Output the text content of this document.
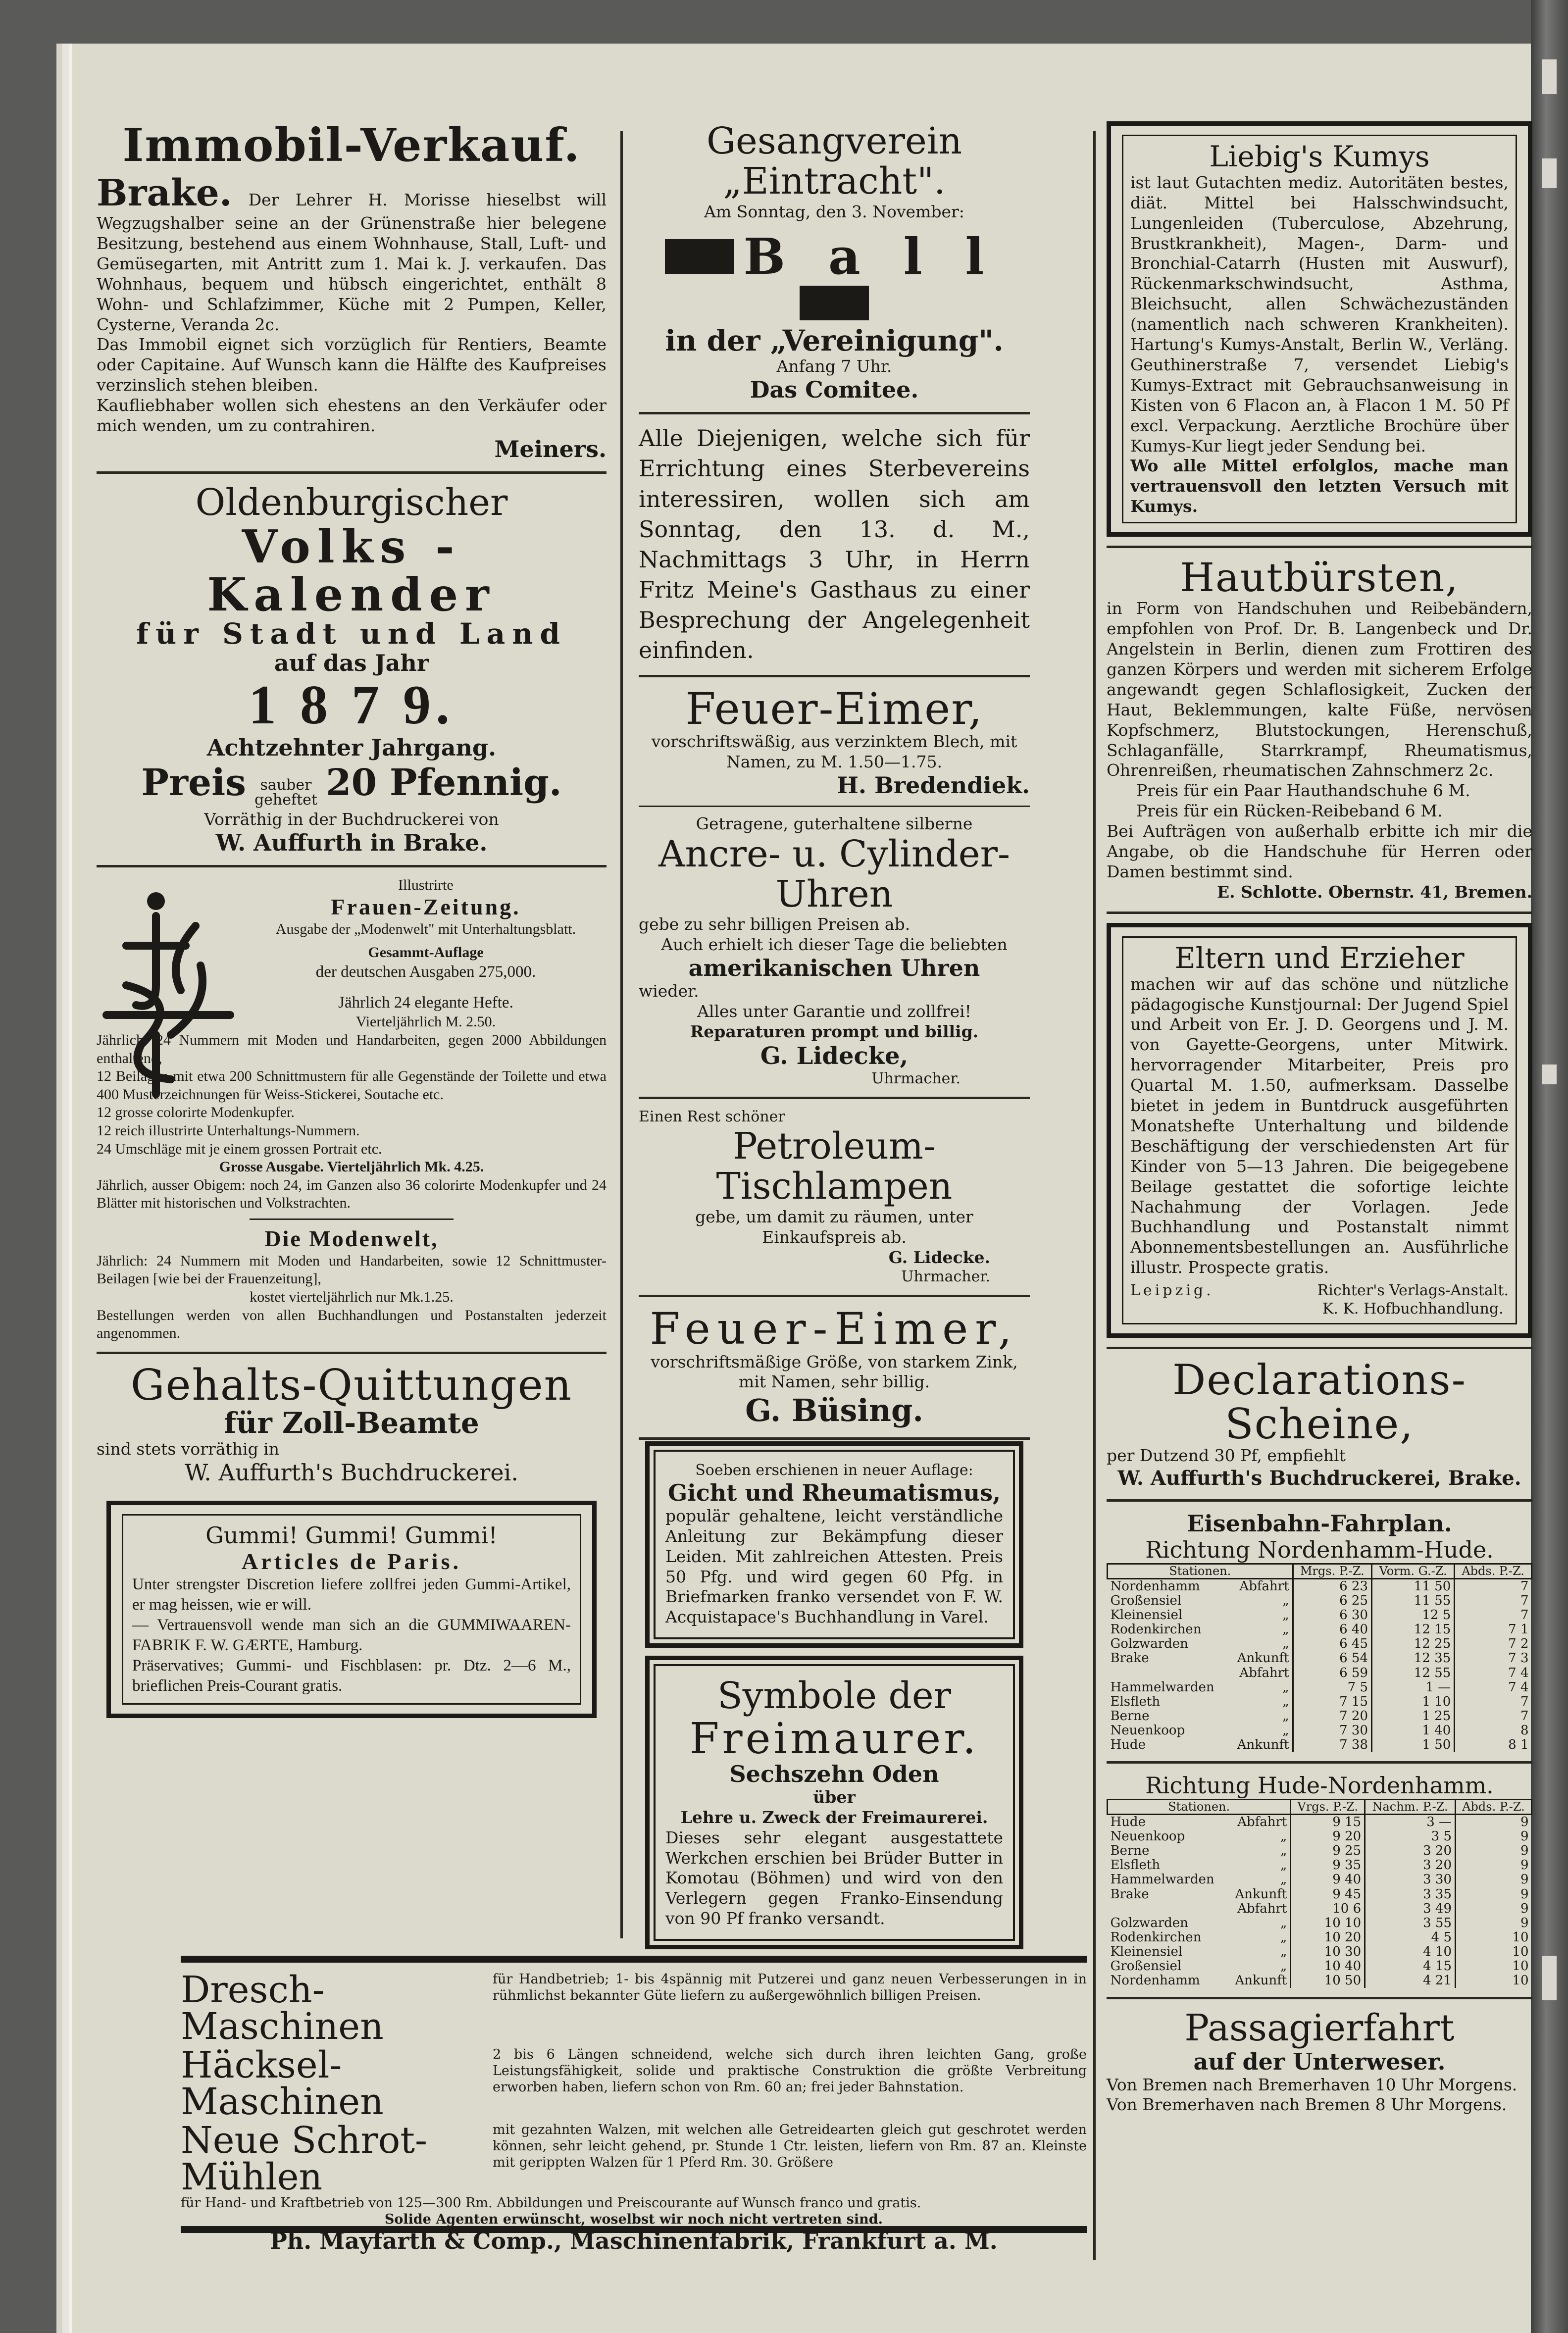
Immobil-Verkauf.

Brake. Der Lehrer H. Morisse hieselbst will Wegzugshalber seine an der Grünenstraße hier belegene Besitzung, bestehend aus einem Wohnhause, Stall, Luft- und Gemüsegarten, mit Antritt zum 1. Mai k. J. verkaufen. Das Wohnhaus, bequem und hübsch eingerichtet, enthält 8 Wohn- und Schlafzimmer, Küche mit 2 Pumpen, Keller, Cysterne, Veranda 2c.

Das Immobil eignet sich vorzüglich für Rentiers, Beamte oder Capitaine. Auf Wunsch kann die Hälfte des Kaufpreises verzinslich stehen bleiben.

Kaufliebhaber wollen sich ehestens an den Verkäufer oder mich wenden, um zu contrahiren.

Meiners.

Oldenburgischer

Volks - Kalender

für Stadt und Land

auf das Jahr

1 8 7 9.

Achtzehnter Jahrgang.

Preis sauber
geheftet 20 Pfennig.

Vorräthig in der Buchdruckerei von

W. Auffurth in Brake.

Illustrirte

Frauen-Zeitung.

Ausgabe der „Modenwelt" mit Unterhaltungsblatt.

Gesammt-Auflage

der deutschen Ausgaben 275,000.

Jährlich 24 elegante Hefte.

Vierteljährlich M. 2.50.

Jährlich: 24 Nummern mit Moden und Handarbeiten, gegen 2000 Abbildungen enthaltend,

12 Beilagen mit etwa 200 Schnittmustern für alle Gegenstände der Toilette und etwa 400 Musterzeichnungen für Weiss-Stickerei, Soutache etc.

12 grosse colorirte Modenkupfer.

12 reich illustrirte Unterhaltungs-Nummern.

24 Umschläge mit je einem grossen Portrait etc.

Grosse Ausgabe. Vierteljährlich Mk. 4.25.

Jährlich, ausser Obigem: noch 24, im Ganzen also 36 colorirte Modenkupfer und 24 Blätter mit historischen und Volkstrachten.

Die Modenwelt,

Jährlich: 24 Nummern mit Moden und Handarbeiten, sowie 12 Schnittmuster-Beilagen [wie bei der Frauenzeitung],

kostet vierteljährlich nur Mk.1.25.

Bestellungen werden von allen Buchhandlungen und Postanstalten jederzeit angenommen.

Gehalts-Quittungen

für Zoll-Beamte

sind stets vorräthig in

W. Auffurth's Buchdruckerei.

Gummi! Gummi! Gummi!

Articles de Paris.

Unter strengster Discretion liefere zollfrei jeden Gummi-Artikel, er mag heissen, wie er will.

— Vertrauensvoll wende man sich an die GUMMIWAAREN-FABRIK F. W. GÆRTE, Hamburg.

Präservatives; Gummi- und Fischblasen: pr. Dtz. 2—6 M., brieflichen Preis-Courant gratis.

Gesangverein „Eintracht".

Am Sonntag, den 3. November:

B a l l

in der „Vereinigung".

Anfang 7 Uhr.

Das Comitee.

Alle Diejenigen, welche sich für Errichtung eines Sterbevereins interessiren, wollen sich am Sonntag, den 13. d. M., Nachmittags 3 Uhr, in Herrn Fritz Meine's Gasthaus zu einer Besprechung der Angelegenheit einfinden.

Feuer-Eimer,

vorschriftswäßig, aus verzinktem Blech, mit Namen, zu M. 1.50—1.75.

H. Bredendiek.

Getragene, guterhaltene silberne

Ancre- u. Cylinder-Uhren

gebe zu sehr billigen Preisen ab.

Auch erhielt ich dieser Tage die beliebten

amerikanischen Uhren

wieder.

Alles unter Garantie und zollfrei!

Reparaturen prompt und billig.

G. Lidecke,

Uhrmacher.

Einen Rest schöner

Petroleum-Tischlampen

gebe, um damit zu räumen, unter Einkaufspreis ab.

G. Lidecke.

Uhrmacher.

Feuer-Eimer,

vorschriftsmäßige Größe, von starkem Zink, mit Namen, sehr billig.

G. Büsing.

Soeben erschienen in neuer Auflage:

Gicht und Rheumatismus,

populär gehaltene, leicht verständliche Anleitung zur Bekämpfung dieser Leiden. Mit zahlreichen Attesten. Preis 50 Pfg. und wird gegen 60 Pfg. in Briefmarken franko versendet von F. W. Acquistapace's Buchhandlung in Varel.

Symbole der

Freimaurer.

Sechszehn Oden

über

Lehre u. Zweck der Freimaurerei.

Dieses sehr elegant ausgestattete Werkchen erschien bei Brüder Butter in Komotau (Böhmen) und wird von den Verlegern gegen Franko-Einsendung von 90 Pf franko versandt.

Liebig's Kumys

ist laut Gutachten mediz. Autoritäten bestes, diät. Mittel bei Halsschwindsucht, Lungenleiden (Tuberculose, Abzehrung, Brustkrankheit), Magen-, Darm- und Bronchial-Catarrh (Husten mit Auswurf), Rückenmarkschwindsucht, Asthma, Bleichsucht, allen Schwächezuständen (namentlich nach schweren Krankheiten). Hartung's Kumys-Anstalt, Berlin W., Verläng. Geuthinerstraße 7, versendet Liebig's Kumys-Extract mit Gebrauchsanweisung in Kisten von 6 Flacon an, à Flacon 1 M. 50 Pf excl. Verpackung. Aerztliche Brochüre über Kumys-Kur liegt jeder Sendung bei.

Wo alle Mittel erfolglos, mache man vertrauensvoll den letzten Versuch mit Kumys.

Hautbürsten,

in Form von Handschuhen und Reibebändern, empfohlen von Prof. Dr. B. Langenbeck und Dr. Angelstein in Berlin, dienen zum Frottiren des ganzen Körpers und werden mit sicherem Erfolge angewandt gegen Schlaflosigkeit, Zucken der Haut, Beklemmungen, kalte Füße, nervösen Kopfschmerz, Blutstockungen, Herenschuß, Schlaganfälle, Starrkrampf, Rheumatismus, Ohrenreißen, rheumatischen Zahnschmerz 2c.

Preis für ein Paar Hauthandschuhe 6 M.

Preis für ein Rücken-Reibeband 6 M.

Bei Aufträgen von außerhalb erbitte ich mir die Angabe, ob die Handschuhe für Herren oder Damen bestimmt sind.

E. Schlotte. Obernstr. 41, Bremen.

Eltern und Erzieher

machen wir auf das schöne und nützliche pädagogische Kunstjournal: Der Jugend Spiel und Arbeit von Er. J. D. Georgens und J. M. von Gayette-Georgens, unter Mitwirk. hervorragender Mitarbeiter, Preis pro Quartal M. 1.50, aufmerksam. Dasselbe bietet in jedem in Buntdruck ausgeführten Monatshefte Unterhaltung und bildende Beschäftigung der verschiedensten Art für Kinder von 5—13 Jahren. Die beigegebene Beilage gestattet die sofortige leichte Nachahmung der Vorlagen. Jede Buchhandlung und Postanstalt nimmt Abonnementsbestellungen an. Ausführliche illustr. Prospecte gratis.

Leipzig.	Richter's Verlags-Anstalt.

K. K. Hofbuchhandlung.

Declarations-Scheine,

per Dutzend 30 Pf, empfiehlt

W. Auffurth's Buchdruckerei, Brake.

Eisenbahn-Fahrplan.

Richtung Nordenhamm-Hude.

Stationen.		Mrgs. P.-Z.	Vorm. G.-Z.	Abds. P.-Z.
Nordenhamm	Abfahrt	6 23	11 50	7
Großensiel	„	6 25	11 55	7
Kleinensiel	„	6 30	12 5	7
Rodenkirchen	„	6 40	12 15	7 1
Golzwarden	„	6 45	12 25	7 2
Brake	Ankunft	6 54	12 35	7 3
	Abfahrt	6 59	12 55	7 4
Hammelwarden	„	7 5	1 —	7 4
Elsfleth	„	7 15	1 10	7
Berne	„	7 20	1 25	7
Neuenkoop	„	7 30	1 40	8
Hude	Ankunft	7 38	1 50	8 1

Richtung Hude-Nordenhamm.

Stationen.		Vrgs. P.-Z.	Nachm. P.-Z.	Abds. P.-Z.
Hude	Abfahrt	9 15	3 —	9
Neuenkoop	„	9 20	3 5	9
Berne	„	9 25	3 20	9
Elsfleth	„	9 35	3 20	9
Hammelwarden	„	9 40	3 30	9
Brake	Ankunft	9 45	3 35	9
	Abfahrt	10 6	3 49	9
Golzwarden	„	10 10	3 55	9
Rodenkirchen	„	10 20	4 5	10
Kleinensiel	„	10 30	4 10	10
Großensiel	„	10 40	4 15	10
Nordenhamm	Ankunft	10 50	4 21	10

Passagierfahrt

auf der Unterweser.

Von Bremen nach Bremerhaven 10 Uhr Morgens.

Von Bremerhaven nach Bremen 8 Uhr Morgens.

Dresch-Maschinen

für Handbetrieb; 1- bis 4spännig mit Putzerei und ganz neuen Verbesserungen in in rühmlichst bekannter Güte liefern zu außergewöhnlich billigen Preisen.

Häcksel-Maschinen

2 bis 6 Längen schneidend, welche sich durch ihren leichten Gang, große Leistungsfähigkeit, solide und praktische Construktion die größte Verbreitung erworben haben, liefern schon von Rm. 60 an; frei jeder Bahnstation.

Neue Schrot-Mühlen

mit gezahnten Walzen, mit welchen alle Getreidearten gleich gut geschrotet werden können, sehr leicht gehend, pr. Stunde 1 Ctr. leisten, liefern von Rm. 87 an. Kleinste mit gerippten Walzen für 1 Pferd Rm. 30. Größere

für Hand- und Kraftbetrieb von 125—300 Rm. Abbildungen und Preiscourante auf Wunsch franco und gratis.

Solide Agenten erwünscht, woselbst wir noch nicht vertreten sind.

Ph. Mayfarth & Comp., Maschinenfabrik, Frankfurt a. M.
